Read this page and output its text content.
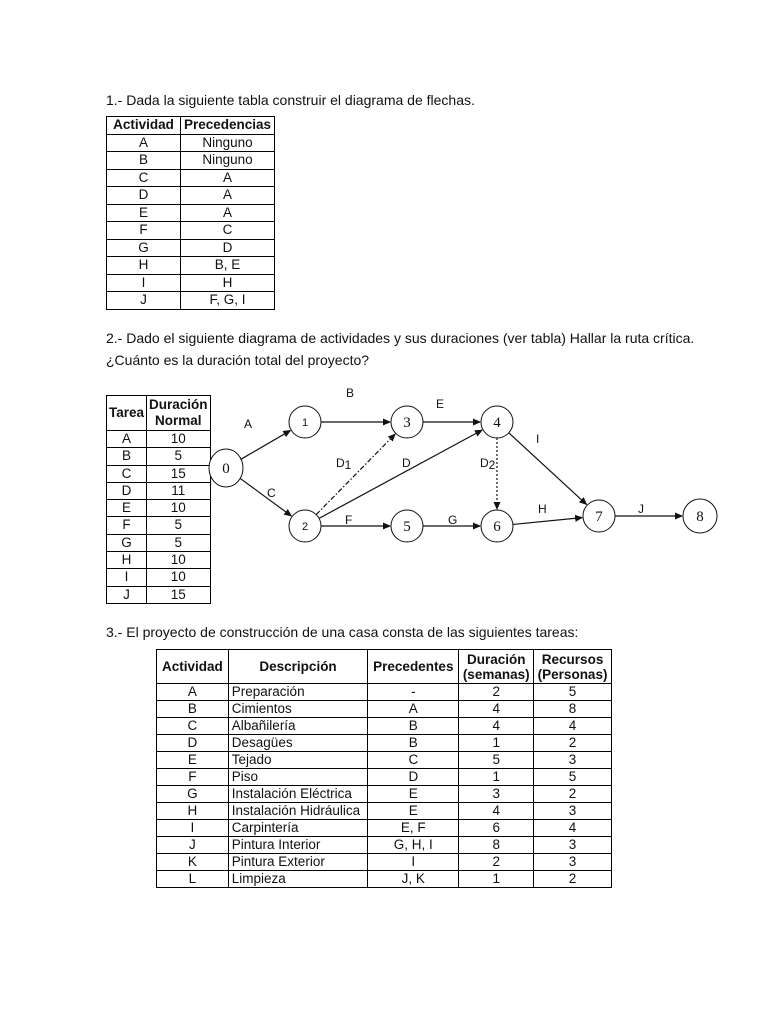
1.- Dada la siguiente tabla construir el diagrama de flechas.

Actividad	Precedencias
A	Ninguno
B	Ninguno
C	A
D	A
E	A
F	C
G	D
H	B, E
I	H
J	F, G, I

2.- Dado el siguiente diagrama de actividades y sus duraciones (ver tabla) Hallar la ruta crítica. ¿Cuánto es la duración total del proyecto?

Tarea	Duración Normal
A	10
B	5
C	15
D	11
E	10
F	5
G	5
H	10
I	10
J	15
A
C
B
D1	D
F
E
D2
I
G
H	J
0
1
2
3	4
5	6
7	8

3.- El proyecto de construcción de una casa consta de las siguientes tareas:

Actividad	Descripción	Precedentes	Duración (semanas)	Recursos (Personas)
A	Preparación	-	2	5
B	Cimientos	A	4	8
C	Albañilería	B	4	4
D	Desagües	B	1	2
E	Tejado	C	5	3
F	Piso	D	1	5
G	Instalación Eléctrica	E	3	2
H	Instalación Hidráulica	E	4	3
I	Carpintería	E, F	6	4
J	Pintura Interior	G, H, I	8	3
K	Pintura Exterior	I	2	3
L	Limpieza	J, K	1	2
